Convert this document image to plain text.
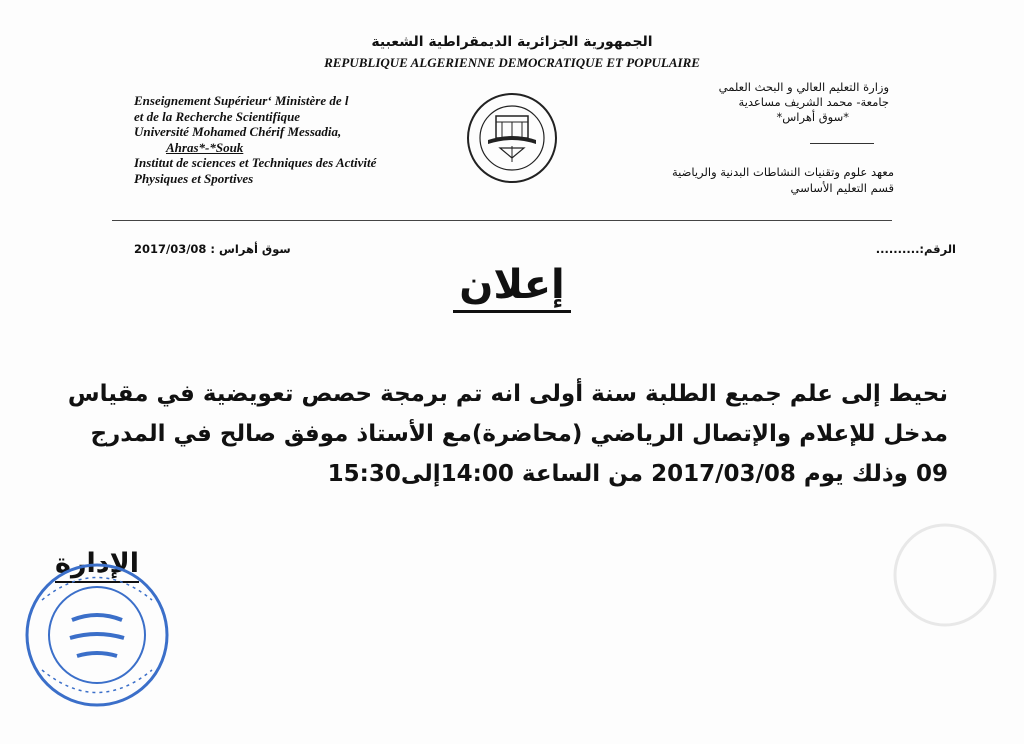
الجمهورية الجزائرية الديمقراطية الشعبية
REPUBLIQUE ALGERIENNE DEMOCRATIQUE ET POPULAIRE
Enseignement Supérieur‘ Ministère de l
et de la Recherche Scientifique
Université Mohamed Chérif Messadia,
Ahras*-*Souk
Institut de sciences et Techniques des Activité
Physiques et Sportives
وزارة التعليم العالي و البحث العلمي
جامعة- محمد الشريف مساعدية
*سوق أهراس*
معهد علوم وتقنيات النشاطات البدنية والرياضية
قسم التعليم الأساسي
سوق أهراس : 2017/03/08	الرقم:..........
إعلان
نحيط إلى علم جميع الطلبة سنة أولى انه تم برمجة حصص تعويضية في مقياس
مدخل للإعلام والإتصال الرياضي (محاضرة)مع الأستاذ موفق صالح في المدرج
09 وذلك يوم 2017/03/08 من الساعة 14:00إلى15:30
الإدارة
